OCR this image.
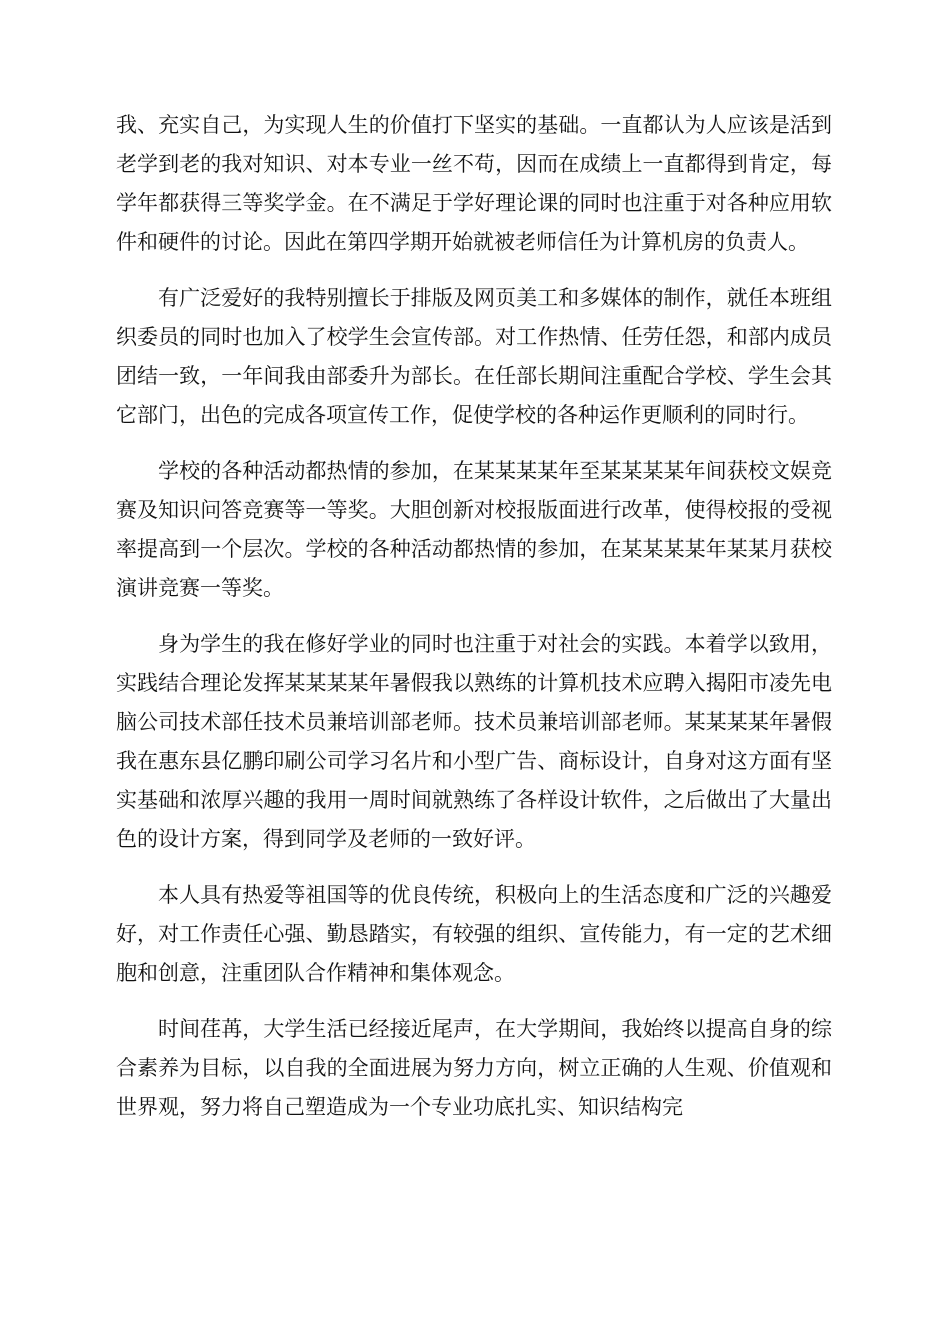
我、充实自己，为实现人生的价值打下坚实的基础。一直都认为人应该是活到老学到老的我对知识、对本专业一丝不苟，因而在成绩上一直都得到肯定，每学年都获得三等奖学金。在不满足于学好理论课的同时也注重于对各种应用软件和硬件的讨论。因此在第四学期开始就被老师信任为计算机房的负责人。

有广泛爱好的我特别擅长于排版及网页美工和多媒体的制作，就任本班组织委员的同时也加入了校学生会宣传部。对工作热情、任劳任怨，和部内成员团结一致，一年间我由部委升为部长。在任部长期间注重配合学校、学生会其它部门，出色的完成各项宣传工作，促使学校的各种运作更顺利的同时行。

学校的各种活动都热情的参加，在某某某某年至某某某某年间获校文娱竞赛及知识问答竞赛等一等奖。大胆创新对校报版面进行改革，使得校报的受视率提高到一个层次。学校的各种活动都热情的参加，在某某某某年某某月获校演讲竞赛一等奖。

身为学生的我在修好学业的同时也注重于对社会的实践。本着学以致用，实践结合理论发挥某某某某年暑假我以熟练的计算机技术应聘入揭阳市凌先电脑公司技术部任技术员兼培训部老师。技术员兼培训部老师。某某某某年暑假我在惠东县亿鹏印刷公司学习名片和小型广告、商标设计，自身对这方面有坚实基础和浓厚兴趣的我用一周时间就熟练了各样设计软件，之后做出了大量出色的设计方案，得到同学及老师的一致好评。

本人具有热爱等祖国等的优良传统，积极向上的生活态度和广泛的兴趣爱好，对工作责任心强、勤恳踏实，有较强的组织、宣传能力，有一定的艺术细胞和创意，注重团队合作精神和集体观念。

时间荏苒，大学生活已经接近尾声，在大学期间，我始终以提高自身的综合素养为目标，以自我的全面进展为努力方向，树立正确的人生观、价值观和世界观，努力将自己塑造成为一个专业功底扎实、知识结构完
